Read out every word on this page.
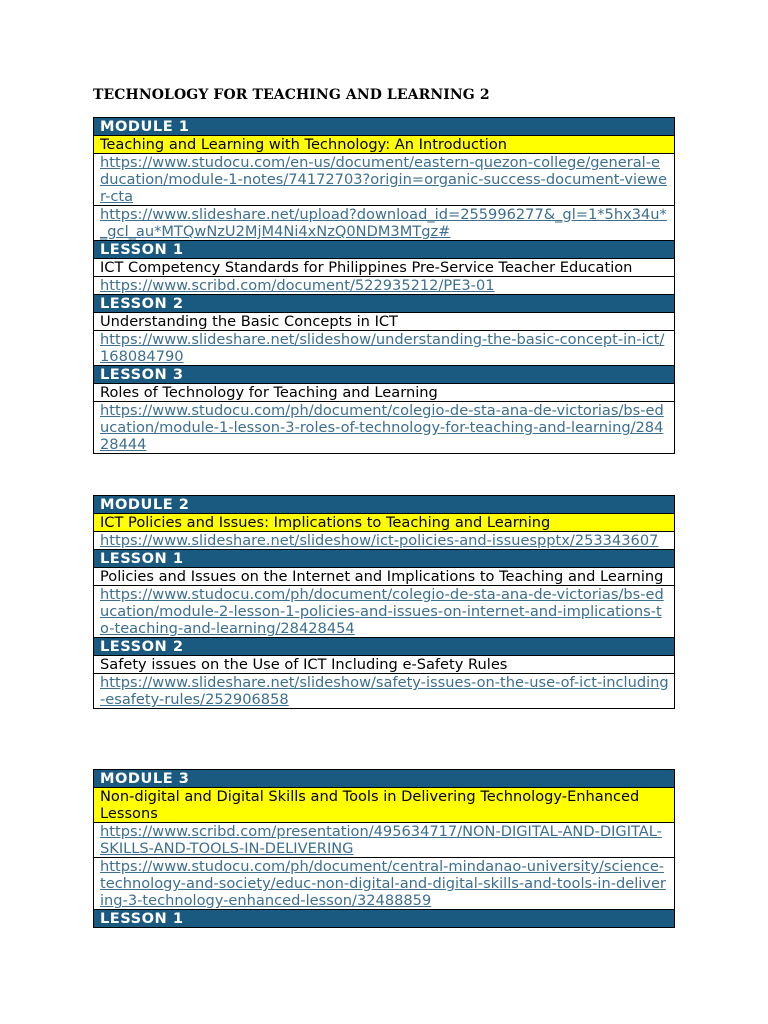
TECHNOLOGY FOR TEACHING AND LEARNING 2
MODULE 1
Teaching and Learning with Technology: An Introduction
https://www.studocu.com/en-us/document/eastern-quezon-college/general-education/module-1-notes/74172703?origin=organic-success-document-viewer-cta
https://www.slideshare.net/upload?download_id=255996277&_gl=1*5hx34u*_gcl_au*MTQwNzU2MjM4Ni4xNzQ0NDM3MTgz#
LESSON 1
ICT Competency Standards for Philippines Pre-Service Teacher Education
https://www.scribd.com/document/522935212/PE3-01
LESSON 2
Understanding the Basic Concepts in ICT
https://www.slideshare.net/slideshow/understanding-the-basic-concept-in-ict/168084790
LESSON 3
Roles of Technology for Teaching and Learning
https://www.studocu.com/ph/document/colegio-de-sta-ana-de-victorias/bs-education/module-1-lesson-3-roles-of-technology-for-teaching-and-learning/28428444
MODULE 2
ICT Policies and Issues: Implications to Teaching and Learning
https://www.slideshare.net/slideshow/ict-policies-and-issuespptx/253343607
LESSON 1
Policies and Issues on the Internet and Implications to Teaching and Learning
https://www.studocu.com/ph/document/colegio-de-sta-ana-de-victorias/bs-education/module-2-lesson-1-policies-and-issues-on-internet-and-implications-to-teaching-and-learning/28428454
LESSON 2
Safety issues on the Use of ICT Including e-Safety Rules
https://www.slideshare.net/slideshow/safety-issues-on-the-use-of-ict-including-esafety-rules/252906858
MODULE 3
Non-digital and Digital Skills and Tools in Delivering Technology-Enhanced Lessons
https://www.scribd.com/presentation/495634717/NON-DIGITAL-AND-DIGITAL-SKILLS-AND-TOOLS-IN-DELIVERING
https://www.studocu.com/ph/document/central-mindanao-university/science-technology-and-society/educ-non-digital-and-digital-skills-and-tools-in-delivering-3-technology-enhanced-lesson/32488859
LESSON 1
